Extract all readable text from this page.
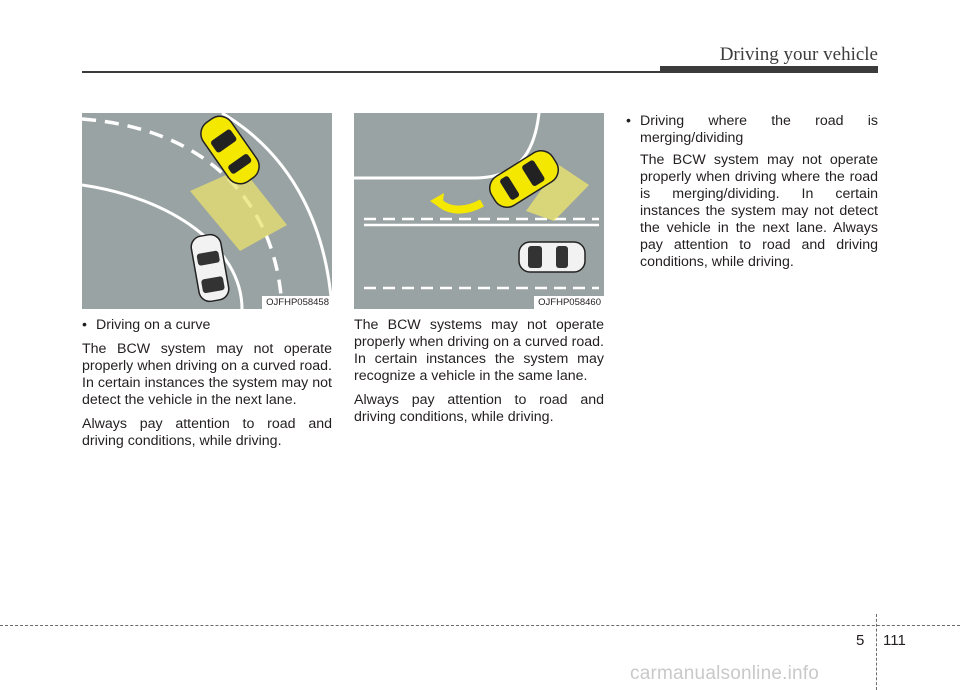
Driving your vehicle
OJFHP058458	OJFHP058460
• Driving on a curve

The BCW system may not operate properly when driving on a curved road. In certain instances the system may not detect the vehicle in the next lane.

Always pay attention to road and driving conditions, while driving.

The BCW systems may not operate properly when driving on a curved road. In certain instances the system may recognize a vehicle in the same lane.

Always pay attention to road and driving conditions, while driving.

• Driving where the road is merging/dividing

The BCW system may not operate properly when driving where the road is merging/dividing. In certain instances the system may not detect the vehicle in the next lane. Always pay attention to road and driving conditions, while driving.

5 111
carmanualsonline.info
